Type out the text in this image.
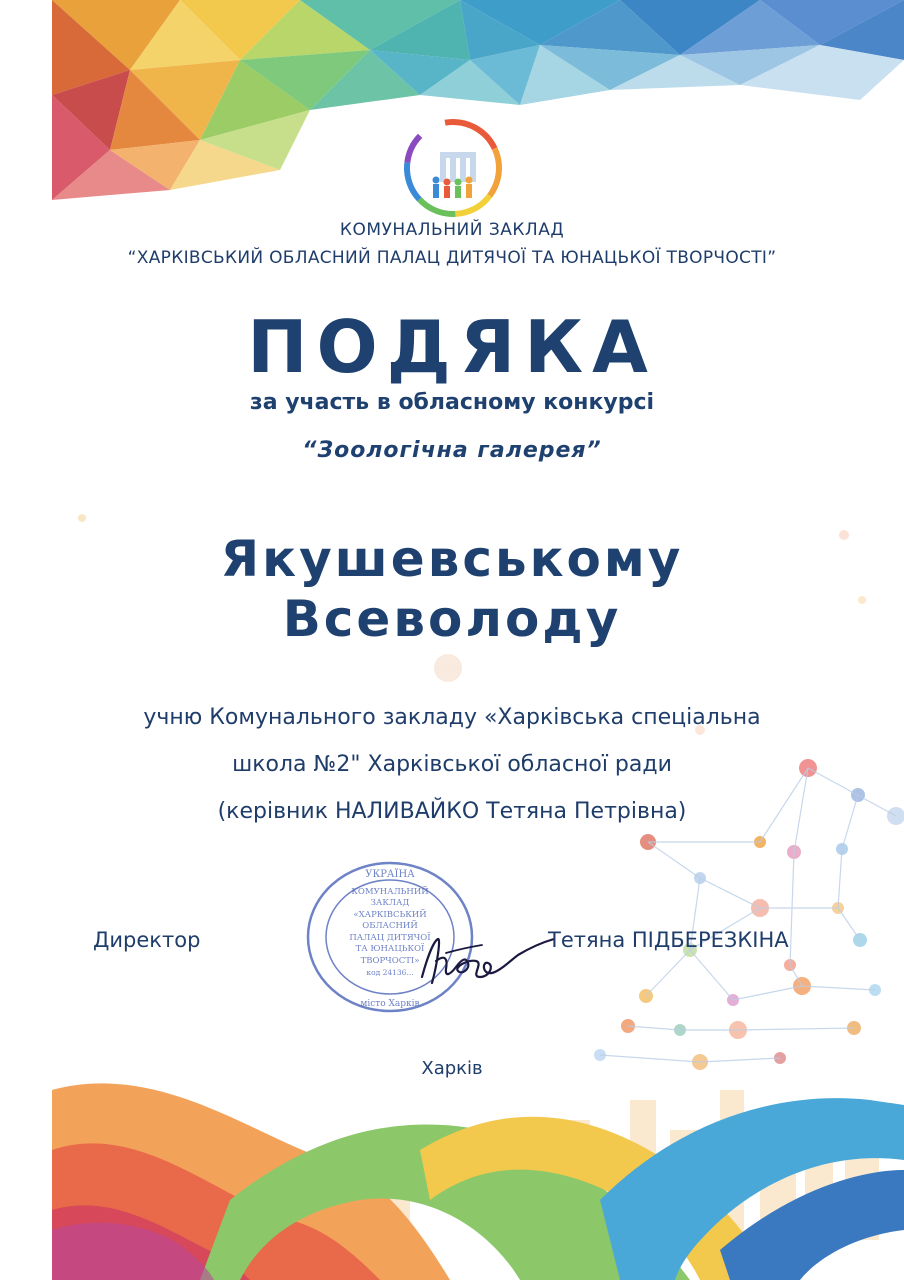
КОМУНАЛЬНИЙ ЗАКЛАД

“ХАРКІВСЬКИЙ ОБЛАСНИЙ ПАЛАЦ ДИТЯЧОЇ ТА ЮНАЦЬКОЇ ТВОРЧОСТІ”

ПОДЯКА

за участь в обласному конкурсі

“Зоологічна галерея”

Якушевському

Всеволоду

учню Комунального закладу «Харківська спеціальна

школа №2" Харківської обласної ради

(керівник НАЛИВАЙКО Тетяна Петрівна)

УКРАЇНА
КОМУНАЛЬНИЙ
ЗАКЛАД
«ХАРКІВСЬКИЙ
ОБЛАСНИЙ
ПАЛАЦ ДИТЯЧОЇ
ТА ЮНАЦЬКОЇ
ТВОРЧОСТІ»
код 24136...
місто Харків
Директор	Тетяна ПІДБЕРЕЗКІНА

Харків
